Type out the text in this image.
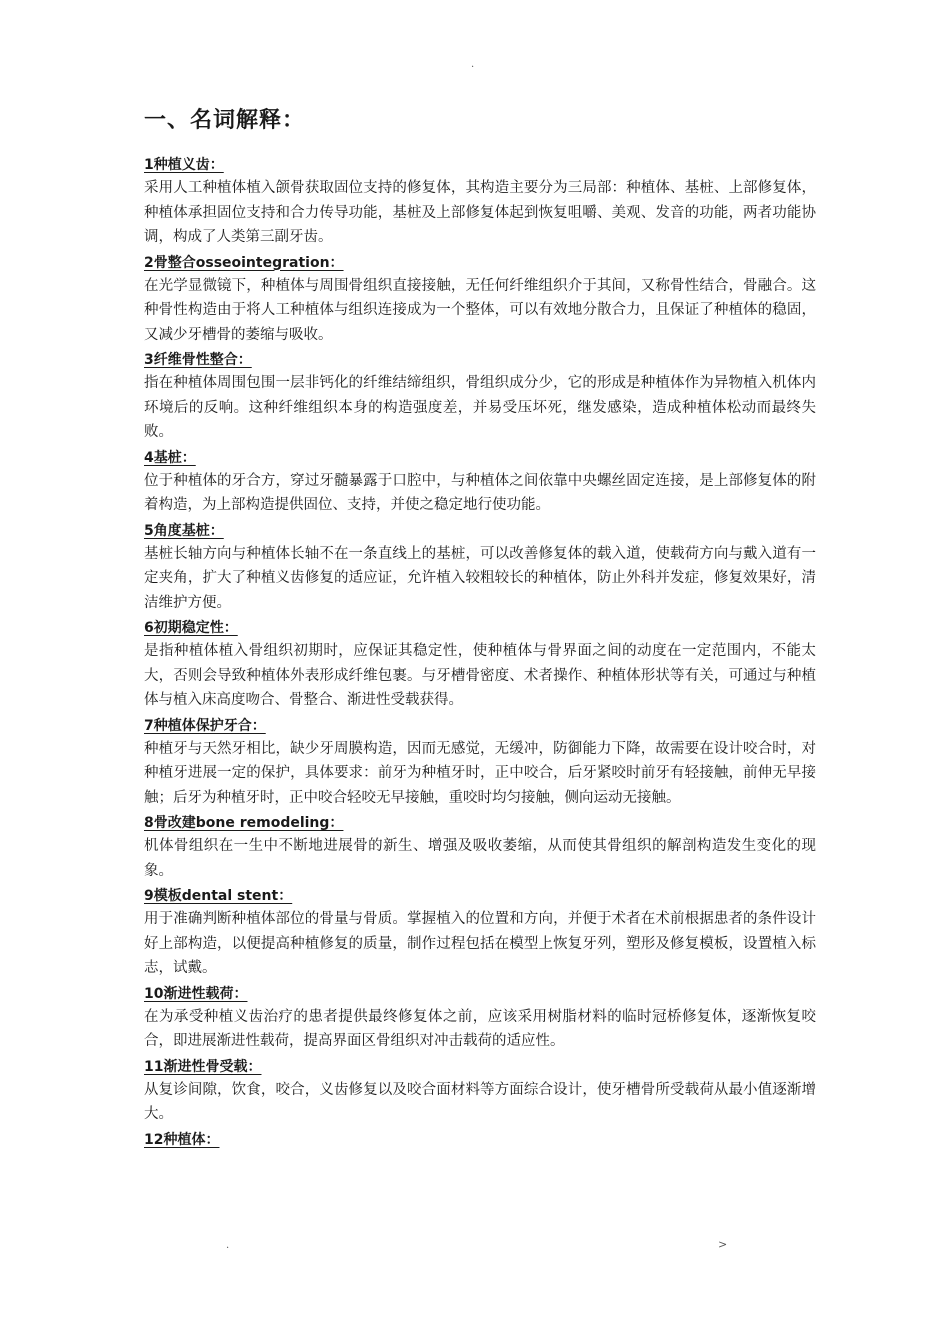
.
一、名词解释：
1种植义齿：

采用人工种植体植入颌骨获取固位支持的修复体，其构造主要分为三局部：种植体、基桩、上部修复体，种植体承担固位支持和合力传导功能，基桩及上部修复体起到恢复咀嚼、美观、发音的功能，两者功能协调，构成了人类第三副牙齿。

2骨整合osseointegration：

在光学显微镜下，种植体与周围骨组织直接接触，无任何纤维组织介于其间，又称骨性结合，骨融合。这种骨性构造由于将人工种植体与组织连接成为一个整体，可以有效地分散合力，且保证了种植体的稳固，又减少牙槽骨的萎缩与吸收。

3纤维骨性整合：

指在种植体周围包围一层非钙化的纤维结缔组织，骨组织成分少，它的形成是种植体作为异物植入机体内环境后的反响。这种纤维组织本身的构造强度差，并易受压坏死，继发感染，造成种植体松动而最终失败。

4基桩：

位于种植体的牙合方，穿过牙髓暴露于口腔中，与种植体之间依靠中央螺丝固定连接，是上部修复体的附着构造，为上部构造提供固位、支持，并使之稳定地行使功能。

5角度基桩：

基桩长轴方向与种植体长轴不在一条直线上的基桩，可以改善修复体的载入道，使载荷方向与戴入道有一定夹角，扩大了种植义齿修复的适应证，允许植入较粗较长的种植体，防止外科并发症，修复效果好，清洁维护方便。

6初期稳定性：

是指种植体植入骨组织初期时，应保证其稳定性，使种植体与骨界面之间的动度在一定范围内，不能太大，否则会导致种植体外表形成纤维包裹。与牙槽骨密度、术者操作、种植体形状等有关，可通过与种植体与植入床高度吻合、骨整合、渐进性受载获得。

7种植体保护牙合：

种植牙与天然牙相比，缺少牙周膜构造，因而无感觉，无缓冲，防御能力下降，故需要在设计咬合时，对种植牙进展一定的保护，具体要求：前牙为种植牙时，正中咬合，后牙紧咬时前牙有轻接触，前伸无早接触；后牙为种植牙时，正中咬合轻咬无早接触，重咬时均匀接触，侧向运动无接触。

8骨改建bone remodeling：

机体骨组织在一生中不断地进展骨的新生、增强及吸收萎缩，从而使其骨组织的解剖构造发生变化的现象。

9模板dental stent：

用于准确判断种植体部位的骨量与骨质。掌握植入的位置和方向，并便于术者在术前根据患者的条件设计好上部构造，以便提高种植修复的质量，制作过程包括在模型上恢复牙列，塑形及修复模板，设置植入标志，试戴。

10渐进性载荷：

在为承受种植义齿治疗的患者提供最终修复体之前，应该采用树脂材料的临时冠桥修复体，逐渐恢复咬合，即进展渐进性载荷，提高界面区骨组织对冲击载荷的适应性。

11渐进性骨受载：

从复诊间隙，饮食，咬合，义齿修复以及咬合面材料等方面综合设计，使牙槽骨所受载荷从最小值逐渐增大。

12种植体：

.	>
